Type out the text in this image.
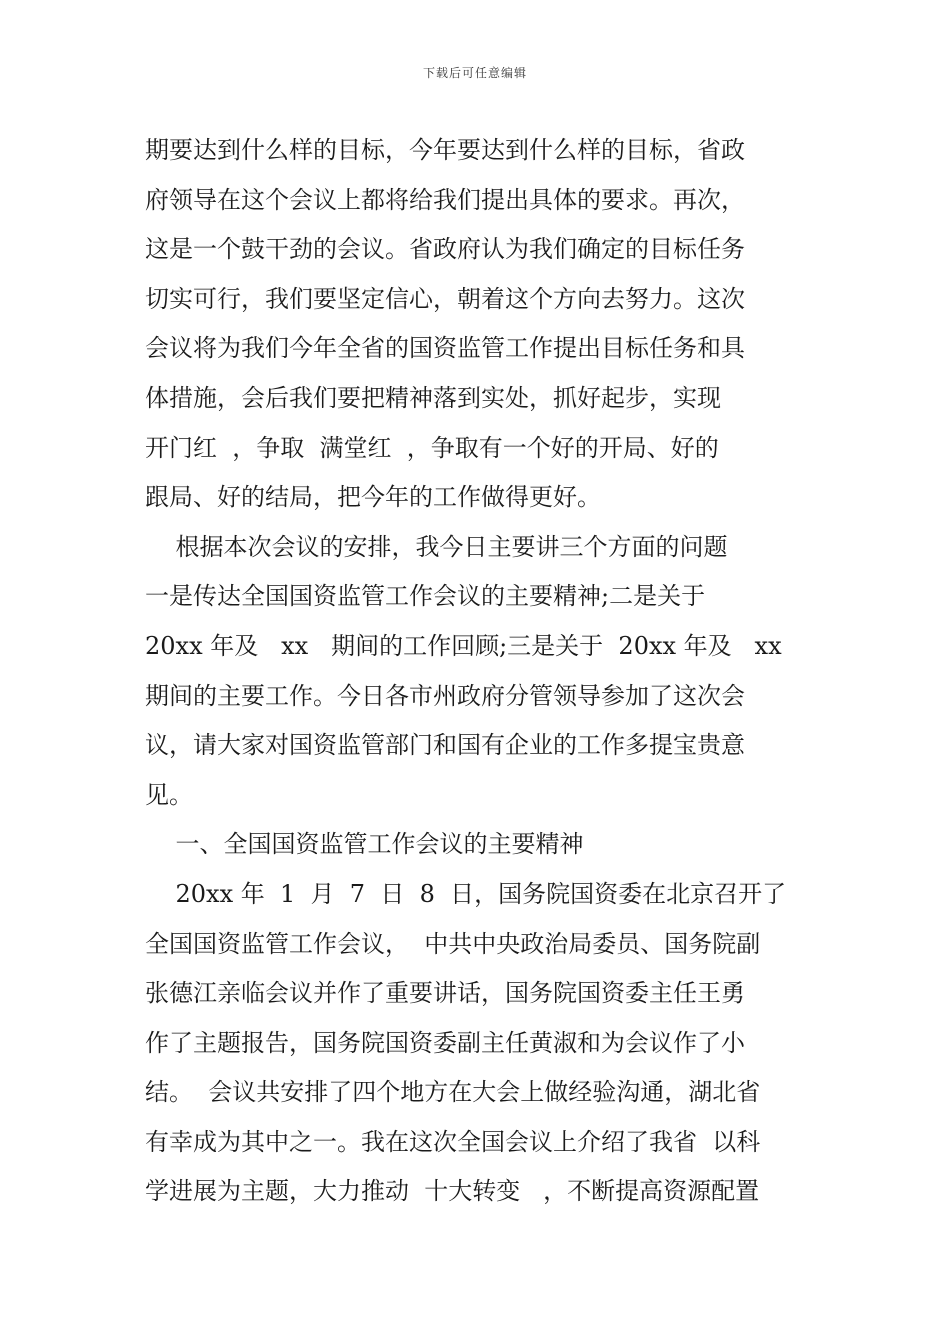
下载后可任意编辑
期要达到什么样的目标，今年要达到什么样的目标，省政
府领导在这个会议上都将给我们提出具体的要求。再次，
这是一个鼓干劲的会议。省政府认为我们确定的目标任务
切实可行，我们要坚定信心，朝着这个方向去努力。这次
会议将为我们今年全省的国资监管工作提出目标任务和具
体措施，会后我们要把精神落到实处，抓好起步，实现
开门红  ，争取  满堂红  ，争取有一个好的开局、好的
跟局、好的结局，把今年的工作做得更好。
根据本次会议的安排，我今日主要讲三个方面的问题
一是传达全国国资监管工作会议的主要精神;二是关于
20xx 年及   xx   期间的工作回顾;三是关于  20xx 年及   xx
期间的主要工作。今日各市州政府分管领导参加了这次会
议，请大家对国资监管部门和国有企业的工作多提宝贵意
见。
一、全国国资监管工作会议的主要精神
20xx 年  1  月  7  日  8  日，国务院国资委在北京召开了
全国国资监管工作会议，  中共中央政治局委员、国务院副
张德江亲临会议并作了重要讲话，国务院国资委主任王勇
作了主题报告，国务院国资委副主任黄淑和为会议作了小
结。  会议共安排了四个地方在大会上做经验沟通，湖北省
有幸成为其中之一。我在这次全国会议上介绍了我省  以科
学进展为主题，大力推动  十大转变   ，不断提高资源配置
